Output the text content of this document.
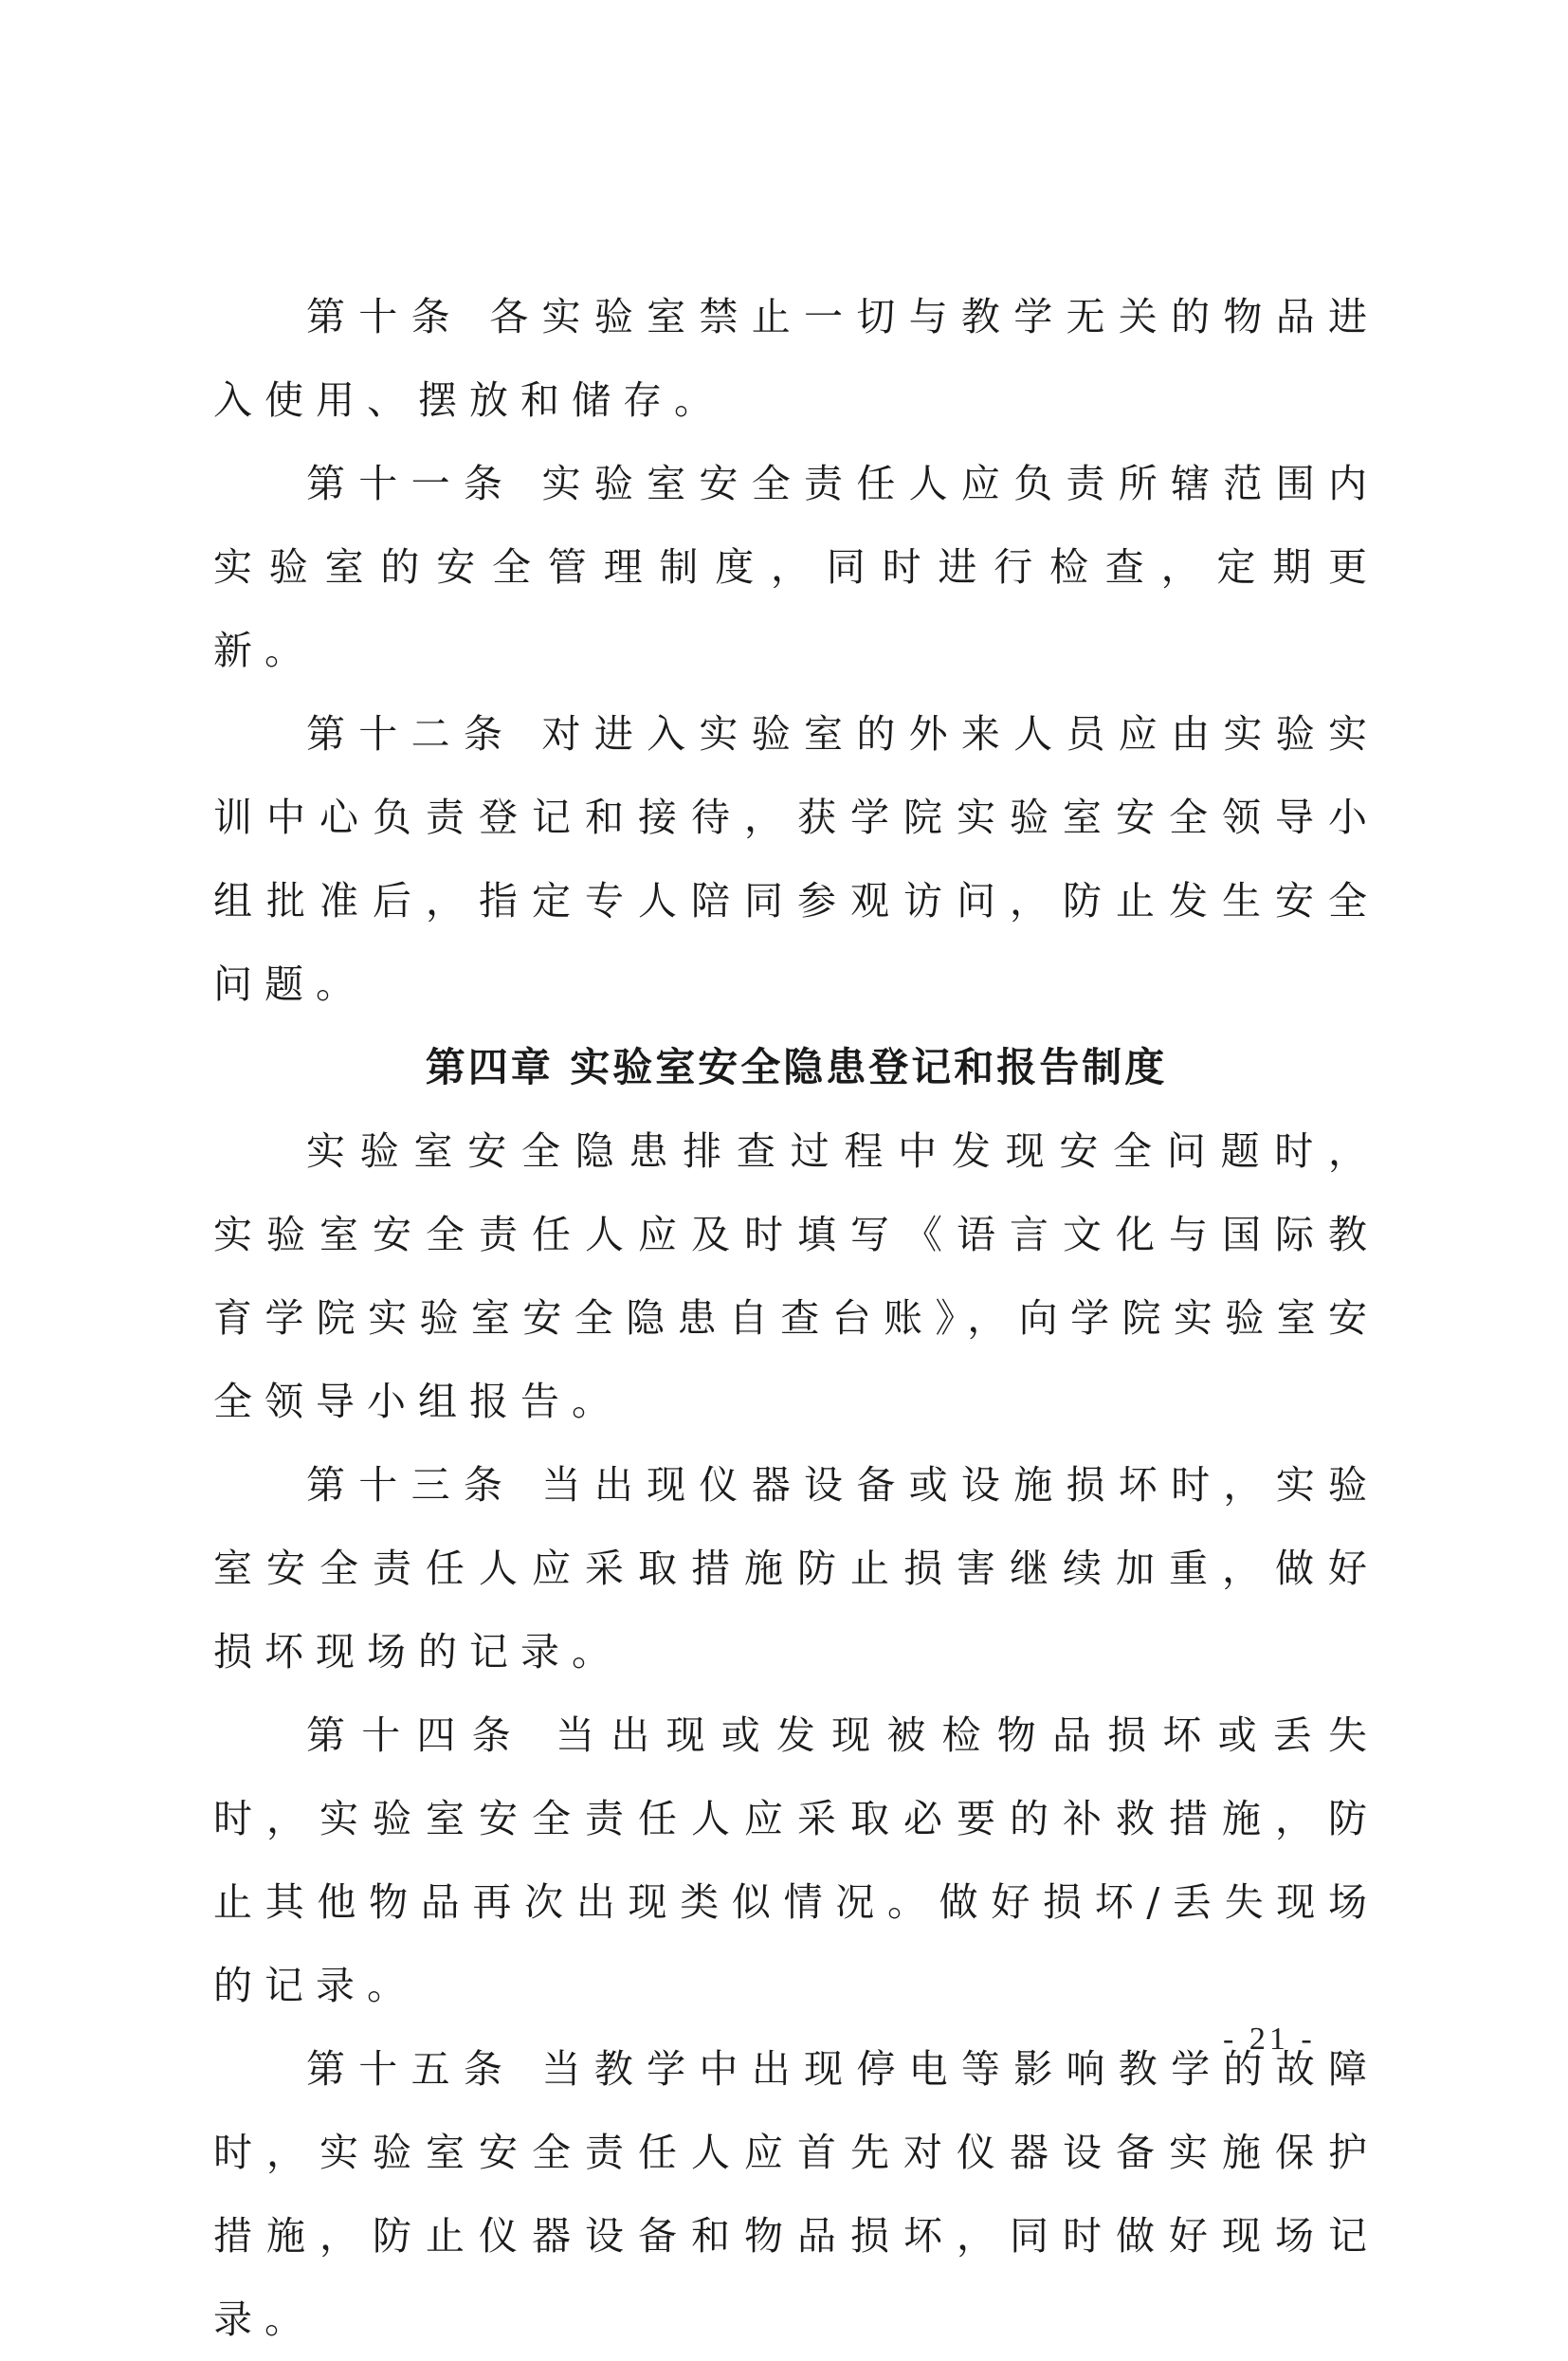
第十条 各实验室禁止一切与教学无关的物品进入使用、摆放和储存。

第十一条 实验室安全责任人应负责所辖范围内实验室的安全管理制度，同时进行检查，定期更新。

第十二条 对进入实验室的外来人员应由实验实训中心负责登记和接待，获学院实验室安全领导小组批准后，指定专人陪同参观访问，防止发生安全问题。

第四章 实验室安全隐患登记和报告制度

实验室安全隐患排查过程中发现安全问题时，实验室安全责任人应及时填写《语言文化与国际教育学院实验室安全隐患自查台账》，向学院实验室安全领导小组报告。

第十三条 当出现仪器设备或设施损坏时，实验室安全责任人应采取措施防止损害继续加重，做好损坏现场的记录。

第十四条 当出现或发现被检物品损坏或丢失时，实验室安全责任人应采取必要的补救措施，防止其他物品再次出现类似情况。做好损坏/丢失现场的记录。

第十五条 当教学中出现停电等影响教学的故障时，实验室安全责任人应首先对仪器设备实施保护措施，防止仪器设备和物品损坏，同时做好现场记录。

- 21 -
